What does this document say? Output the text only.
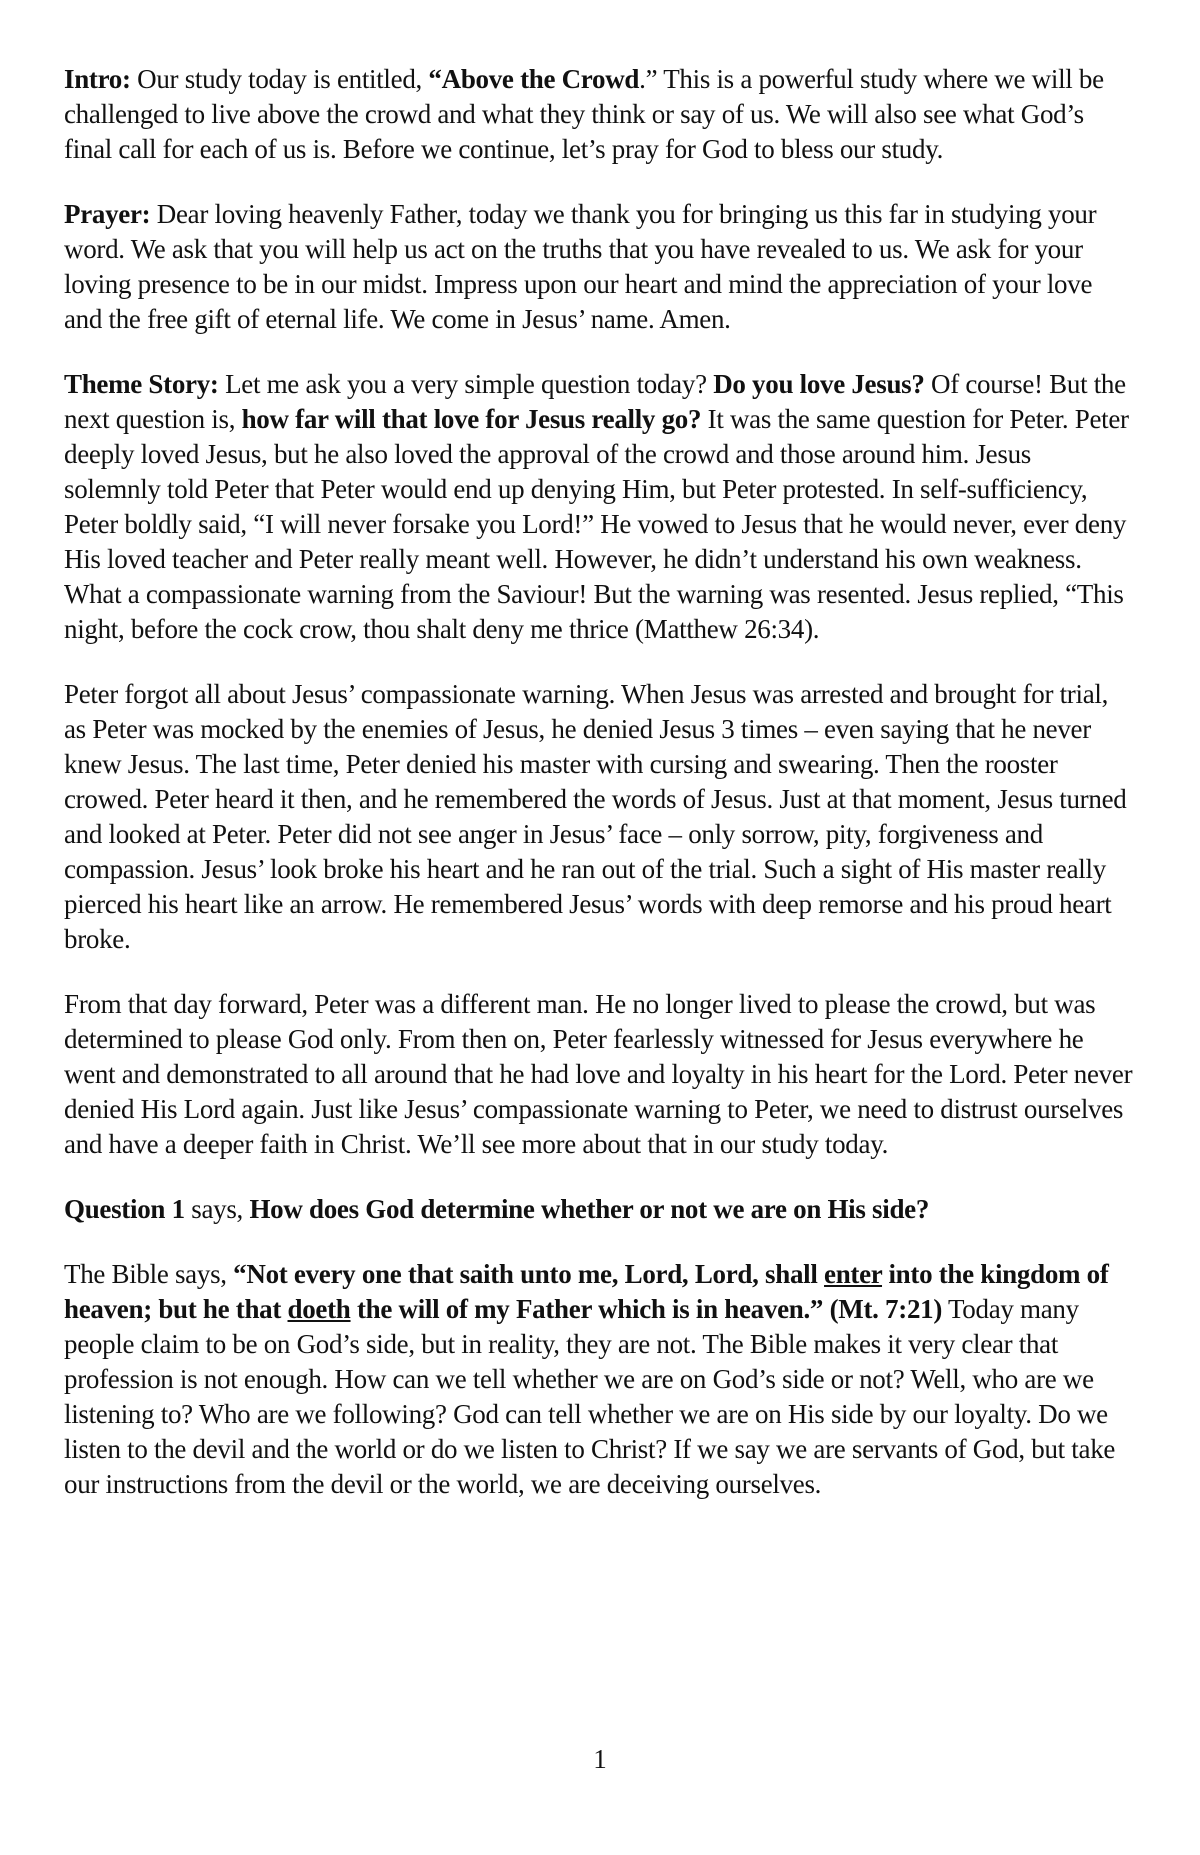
Intro: Our study today is entitled, “Above the Crowd.” This is a powerful study where we will be challenged to live above the crowd and what they think or say of us. We will also see what God’s final call for each of us is. Before we continue, let’s pray for God to bless our study.

Prayer: Dear loving heavenly Father, today we thank you for bringing us this far in studying your word. We ask that you will help us act on the truths that you have revealed to us. We ask for your loving presence to be in our midst. Impress upon our heart and mind the appreciation of your love and the free gift of eternal life. We come in Jesus’ name. Amen.

Theme Story: Let me ask you a very simple question today? Do you love Jesus? Of course! But the next question is, how far will that love for Jesus really go? It was the same question for Peter. Peter deeply loved Jesus, but he also loved the approval of the crowd and those around him. Jesus solemnly told Peter that Peter would end up denying Him, but Peter protested. In self-sufficiency, Peter boldly said, “I will never forsake you Lord!” He vowed to Jesus that he would never, ever deny His loved teacher and Peter really meant well. However, he didn’t understand his own weakness. What a compassionate warning from the Saviour! But the warning was resented. Jesus replied, “This night, before the cock crow, thou shalt deny me thrice (Matthew 26:34).

Peter forgot all about Jesus’ compassionate warning. When Jesus was arrested and brought for trial, as Peter was mocked by the enemies of Jesus, he denied Jesus 3 times – even saying that he never knew Jesus. The last time, Peter denied his master with cursing and swearing. Then the rooster crowed. Peter heard it then, and he remembered the words of Jesus. Just at that moment, Jesus turned and looked at Peter. Peter did not see anger in Jesus’ face – only sorrow, pity, forgiveness and compassion. Jesus’ look broke his heart and he ran out of the trial. Such a sight of His master really pierced his heart like an arrow. He remembered Jesus’ words with deep remorse and his proud heart broke.

From that day forward, Peter was a different man. He no longer lived to please the crowd, but was determined to please God only. From then on, Peter fearlessly witnessed for Jesus everywhere he went and demonstrated to all around that he had love and loyalty in his heart for the Lord. Peter never denied His Lord again. Just like Jesus’ compassionate warning to Peter, we need to distrust ourselves and have a deeper faith in Christ. We’ll see more about that in our study today.

Question 1 says, How does God determine whether or not we are on His side?

The Bible says, “Not every one that saith unto me, Lord, Lord, shall enter into the kingdom of heaven; but he that doeth the will of my Father which is in heaven.” (Mt. 7:21) Today many people claim to be on God’s side, but in reality, they are not. The Bible makes it very clear that profession is not enough. How can we tell whether we are on God’s side or not? Well, who are we listening to? Who are we following? God can tell whether we are on His side by our loyalty. Do we listen to the devil and the world or do we listen to Christ? If we say we are servants of God, but take our instructions from the devil or the world, we are deceiving ourselves.

1
